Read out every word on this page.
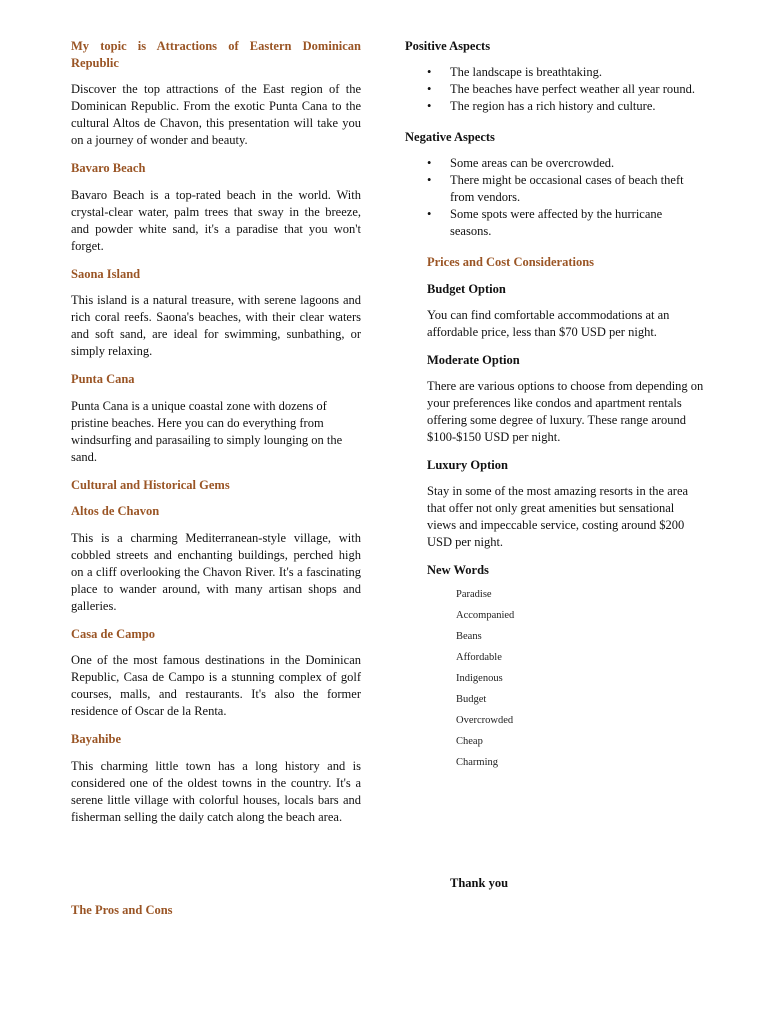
My topic is Attractions of Eastern Dominican Republic

Discover the top attractions of the East region of the Dominican Republic. From the exotic Punta Cana to the cultural Altos de Chavon, this presentation will take you on a journey of wonder and beauty.

Bavaro Beach

Bavaro Beach is a top-rated beach in the world. With crystal-clear water, palm trees that sway in the breeze, and powder white sand, it's a paradise that you won't forget.

Saona Island

This island is a natural treasure, with serene lagoons and rich coral reefs. Saona's beaches, with their clear waters and soft sand, are ideal for swimming, sunbathing, or simply relaxing.

Punta Cana

Punta Cana is a unique coastal zone with dozens of pristine beaches. Here you can do everything from windsurfing and parasailing to simply lounging on the sand.

Cultural and Historical Gems

Altos de Chavon

This is a charming Mediterranean-style village, with cobbled streets and enchanting buildings, perched high on a cliff overlooking the Chavon River. It's a fascinating place to wander around, with many artisan shops and galleries.

Casa de Campo

One of the most famous destinations in the Dominican Republic, Casa de Campo is a stunning complex of golf courses, malls, and restaurants. It's also the former residence of Oscar de la Renta.

Bayahibe

This charming little town has a long history and is considered one of the oldest towns in the country. It's a serene little village with colorful houses, locals bars and fisherman selling the daily catch along the beach area.

The Pros and Cons

Positive Aspects

• The landscape is breathtaking.
• The beaches have perfect weather all year round.
• The region has a rich history and culture.

Negative Aspects

• Some areas can be overcrowded.
• There might be occasional cases of beach theft from vendors.
• Some spots were affected by the hurricane seasons.

Prices and Cost Considerations

Budget Option

You can find comfortable accommodations at an affordable price, less than $70 USD per night.

Moderate Option

There are various options to choose from depending on your preferences like condos and apartment rentals offering some degree of luxury. These range around $100-$150 USD per night.

Luxury Option

Stay in some of the most amazing resorts in the area that offer not only great amenities but sensational views and impeccable service, costing around $200 USD per night.

New Words

Paradise
Accompanied
Beans
Affordable
Indigenous
Budget
Overcrowded
Cheap
Charming

Thank you
